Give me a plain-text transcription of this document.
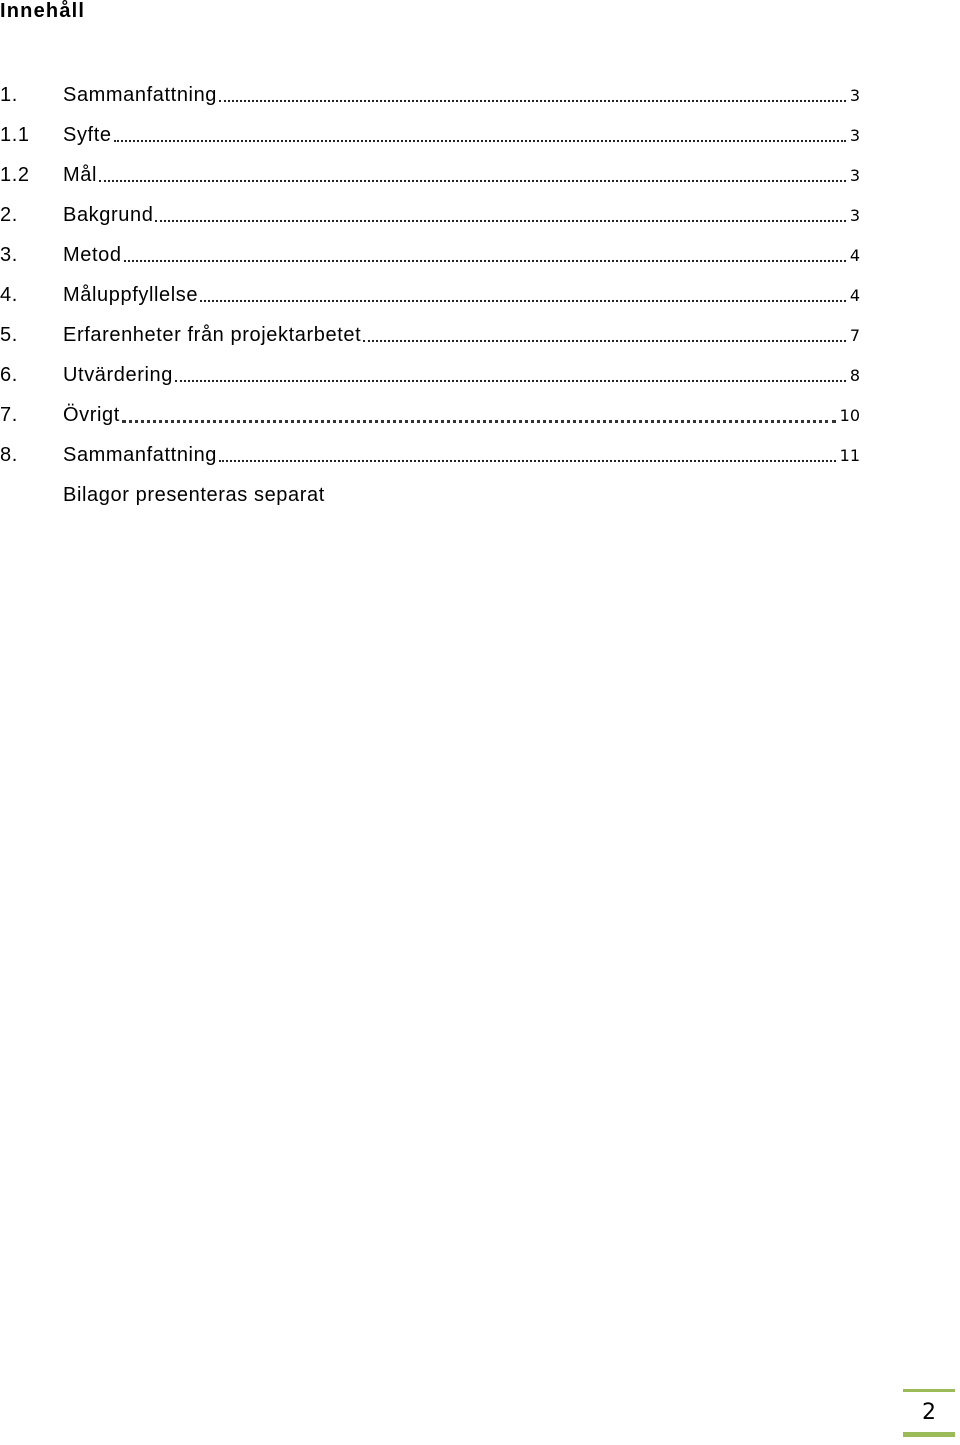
Innehåll
1.	Sammanfattning	3
1.1	Syfte	3
1.2	Mål	3
2.	Bakgrund	3
3.	Metod	4
4.	Måluppfyllelse	4
5.	Erfarenheter från projektarbetet	7
6.	Utvärdering	8
7.	Övrigt	10
8.	Sammanfattning	11
Bilagor presenteras separat
2
